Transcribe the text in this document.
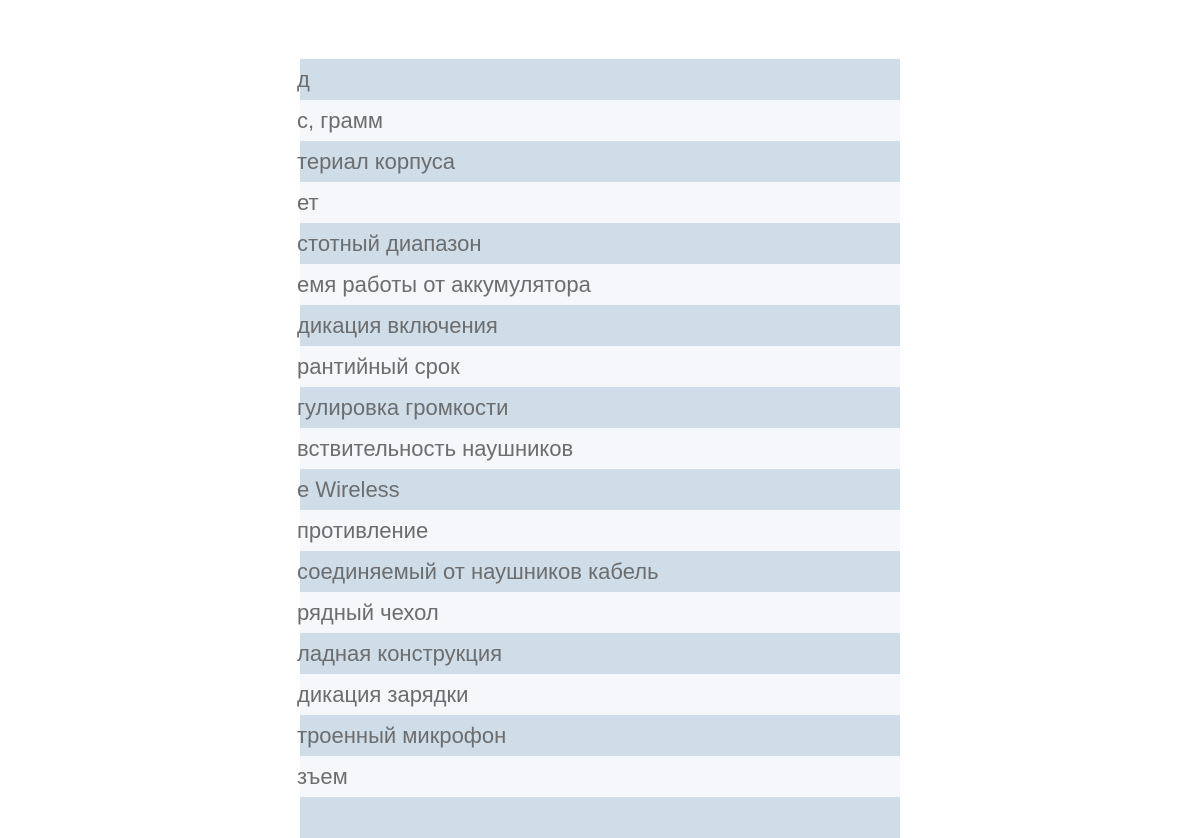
д
с, грамм
териал корпуса
ет
стотный диапазон
емя работы от аккумулятора
дикация включения
рантийный срок
гулировка громкости
вствительность наушников
e Wireless
противление
соединяемый от наушников кабель
рядный чехол
ладная конструкция
дикация зарядки
троенный микрофон
зъем
